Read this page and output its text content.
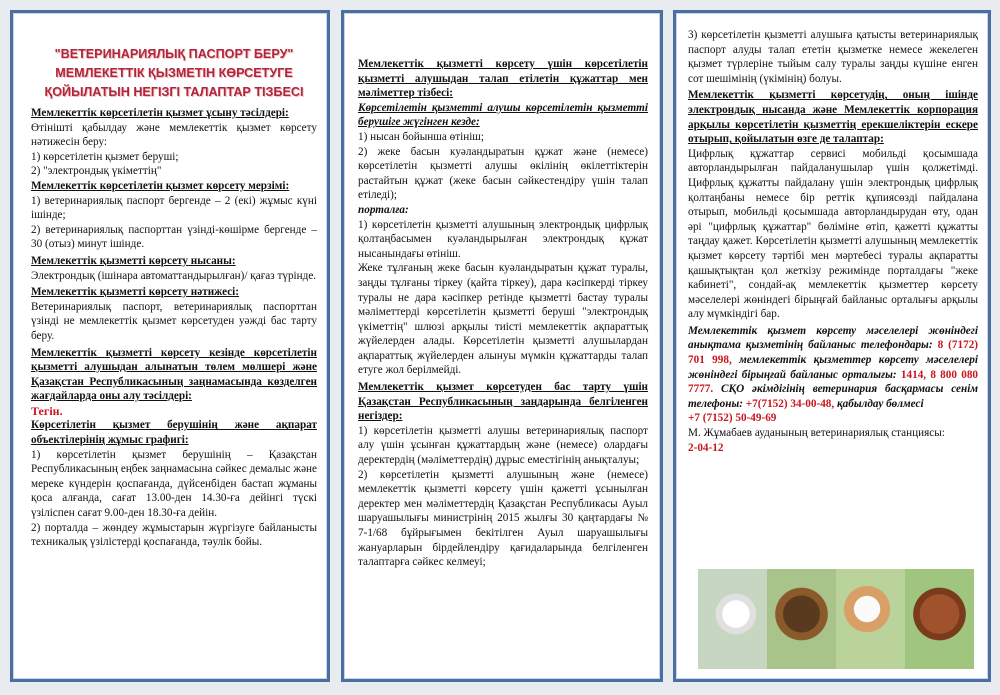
"ВЕТЕРИНАРИЯЛЫҚ ПАСПОРТ БЕРУ" МЕМЛЕКЕТТІК ҚЫЗМЕТІН КӨРСЕТУГЕ ҚОЙЫЛАТЫН НЕГІЗГІ ТАЛАПТАР ТІЗБЕСІ

Мемлекеттік көрсетілетін қызмет ұсыну тәсілдері:

Өтінішті қабылдау және мемлекеттік қызмет көрсету нәтижесін беру:

1) көрсетілетін қызмет беруші;

2) "электрондық үкіметтің"

Мемлекеттік көрсетілетін қызмет көрсету мерзімі:

1) ветеринариялық паспорт бергенде – 2 (екі) жұмыс күні ішінде;

2) ветеринариялық паспорттан үзінді-көшірме бергенде – 30 (отыз) минут ішінде.

Мемлекеттік қызметті көрсету нысаны:

Электрондық (ішінара автоматтандырылған)/ қағаз түрінде.

Мемлекеттік қызметті көрсету нәтижесі:

Ветеринариялық паспорт, ветеринариялық паспорттан үзінді не мемлекеттік қызмет көрсетуден уәжді бас тарту беру.

Мемлекеттік қызметті көрсету кезінде көрсетілетін қызметті алушыдан алынатын төлем мөлшері және Қазақстан Республикасының заңнамасында көзделген жағдайларда оны алу тәсілдері:

Тегін.

Көрсетілетін қызмет берушінің және ақпарат объектілерінің жұмыс графигі:

1) көрсетілетін қызмет берушінің – Қазақстан Республикасының еңбек заңнамасына сәйкес демалыс және мереке күндерін қоспағанда, дүйсенбіден бастап жұманы қоса алғанда, сағат 13.00-ден 14.30-ға дейінгі түскі үзіліспен сағат 9.00-ден 18.30-ға дейін.

2) порталда – жөндеу жұмыстарын жүргізуге байланысты техникалық үзілістерді қоспағанда, тәулік бойы.

Мемлекеттік қызметті көрсету үшін көрсетілетін қызметті алушыдан талап етілетін құжаттар мен мәліметтер тізбесі:

Көрсетілетін қызметті алушы көрсетілетін қызметті берушіге жүгінген кезде:

1) нысан бойынша өтініш;

2) жеке басын куәландыратын құжат және (немесе) көрсетілетін қызметті алушы өкілінің өкілеттіктерін растайтын құжат (жеке басын сәйкестендіру үшін талап етіледі);

порталға:

1) көрсетілетін қызметті алушының электрондық цифрлық қолтаңбасымен куәландырылған электрондық құжат нысанындағы өтініш.

Жеке тұлғаның жеке басын куәландыратын құжат туралы, заңды тұлғаны тіркеу (қайта тіркеу), дара кәсіпкерді тіркеу туралы не дара кәсіпкер ретінде қызметті бастау туралы мәліметтерді көрсетілетін қызметті беруші "электрондық үкіметтің" шлюзі арқылы тиісті мемлекеттік ақпараттық жүйелерден алады. Көрсетілетін қызметті алушылардан ақпараттық жүйелерден алынуы мүмкін құжаттарды талап етуге жол берілмейді.

Мемлекеттік қызмет көрсетуден бас тарту үшін Қазақстан Республикасының заңдарында белгіленген негіздер:

1) көрсетілетін қызметті алушы ветеринариялық паспорт алу үшін ұсынған құжаттардың және (немесе) олардағы деректердің (мәліметтердің) дұрыс еместігінің анықталуы;

2) көрсетілетін қызметті алушының және (немесе) мемлекеттік қызметті көрсету үшін қажетті ұсынылған деректер мен мәліметтердің Қазақстан Республикасы Ауыл шаруашылығы министрінің 2015 жылғы 30 қаңтардағы № 7-1/68 бұйрығымен бекітілген Ауыл шаруашылығы жануарларын бірдейлендіру қағидаларында белгіленген талаптарға сәйкес келмеуі;

3) көрсетілетін қызметті алушыға қатысты ветеринариялық паспорт алуды талап ететін қызметке немесе жекелеген қызмет түрлеріне тыйым салу туралы заңды күшіне енген сот шешімінің (үкімінің) болуы.

Мемлекеттік қызметті көрсетудің, оның ішінде электрондық нысанда және Мемлекеттік корпорация арқылы көрсетілетін қызметтің ерекшеліктерін ескере отырып, қойылатын өзге де талаптар:

Цифрлық құжаттар сервисі мобильді қосымшада авторландырылған пайдаланушылар үшін қолжетімді. Цифрлық құжатты пайдалану үшін электрондық цифрлық қолтаңбаны немесе бір реттік құпиясөзді пайдалана отырып, мобильді қосымшада авторландырудан өту, одан әрі "цифрлық құжаттар" бөліміне өтіп, қажетті құжатты таңдау қажет. Көрсетілетін қызметті алушының мемлекеттік қызмет көрсету тәртібі мен мәртебесі туралы ақпаратты қашықтықтан қол жеткізу режимінде порталдағы "жеке кабинеті", сондай-ақ мемлекеттік қызметтер көрсету мәселелері жөніндегі бірыңғай байланыс орталығы арқылы алу мүмкіндігі бар.

Мемлекеттік қызмет көрсету мәселелері жөніндегі анықтама қызметінің байланыс телефондары: 8 (7172) 701 998, мемлекеттік қызметтер көрсету мәселелері жөніндегі бірыңғай байланыс орталығы: 1414, 8 800 080 7777. СҚО әкімдігінің ветеринария басқармасы сенім телефоны: +7(7152) 34-00-48, қабылдау бөлмесі

+7 (7152) 50-49-69

М. Жұмабаев ауданының ветеринариялық станциясы:

2-04-12
